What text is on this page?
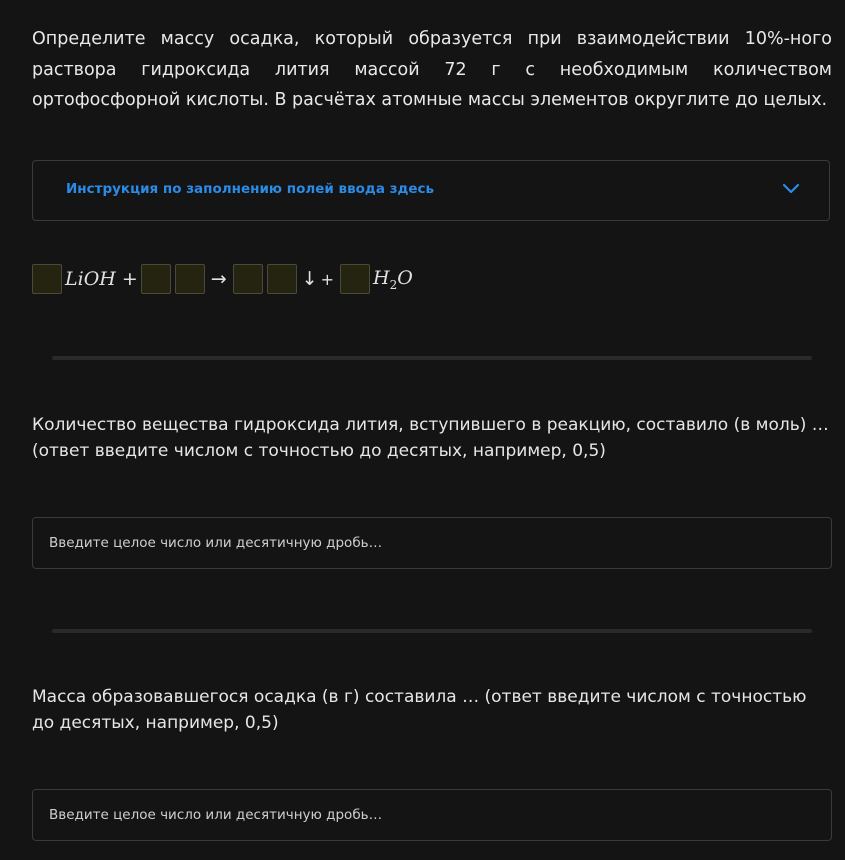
Определите массу осадка, который образуется при взаимодействии 10%-ного раствора гидроксида лития массой 72 г с необходимым количеством ортофосфорной кислоты. В расчётах атомные массы элементов округлите до целых.

Инструкция по заполнению полей ввода здесь
LiOH +	→	↓ + $H_2O$

Количество вещества гидроксида лития, вступившего в реакцию, составило (в моль) … (ответ введите числом с точностью до десятых, например, 0,5)

Введите целое число или десятичную дробь…

Масса образовавшегося осадка (в г) составила … (ответ введите числом с точностью до десятых, например, 0,5)

Введите целое число или десятичную дробь…
